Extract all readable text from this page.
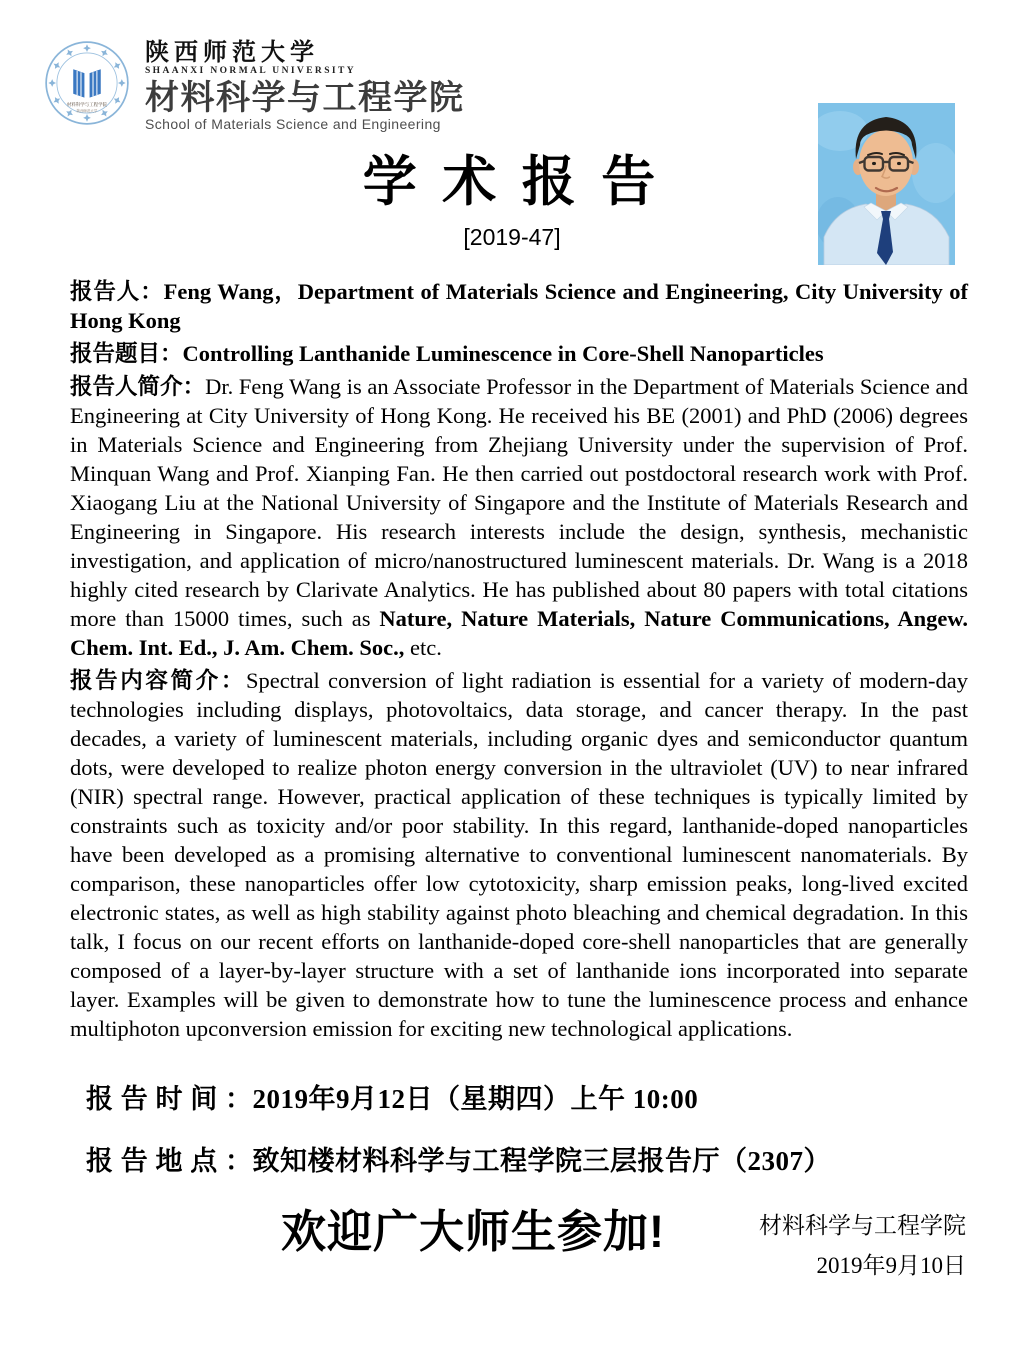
材料科学与工程学院
陕西师范大学
陕西师范大学
SHAANXI NORMAL UNIVERSITY
材料科学与工程学院
School of Materials Science and Engineering
学 术 报 告
[2019-47]

报告人：Feng Wang，Department of Materials Science and Engineering, City University of Hong Kong

报告题目：Controlling Lanthanide Luminescence in Core-Shell Nanoparticles

报告人简介：Dr. Feng Wang is an Associate Professor in the Department of Materials Science and Engineering at City University of Hong Kong. He received his BE (2001) and PhD (2006) degrees in Materials Science and Engineering from Zhejiang University under the supervision of Prof. Minquan Wang and Prof. Xianping Fan. He then carried out postdoctoral research work with Prof. Xiaogang Liu at the National University of Singapore and the Institute of Materials Research and Engineering in Singapore. His research interests include the design, synthesis, mechanistic investigation, and application of micro/nanostructured luminescent materials. Dr. Wang is a 2018 highly cited research by Clarivate Analytics. He has published about 80 papers with total citations more than 15000 times, such as Nature, Nature Materials, Nature Communications, Angew. Chem. Int. Ed., J. Am. Chem. Soc., etc.

报告内容简介：Spectral conversion of light radiation is essential for a variety of modern-day technologies including displays, photovoltaics, data storage, and cancer therapy. In the past decades, a variety of luminescent materials, including organic dyes and semiconductor quantum dots, were developed to realize photon energy conversion in the ultraviolet (UV) to near infrared (NIR) spectral range. However, practical application of these techniques is typically limited by constraints such as toxicity and/or poor stability. In this regard, lanthanide-doped nanoparticles have been developed as a promising alternative to conventional luminescent nanomaterials. By comparison, these nanoparticles offer low cytotoxicity, sharp emission peaks, long-lived excited electronic states, as well as high stability against photo bleaching and chemical degradation. In this talk, I focus on our recent efforts on lanthanide-doped core-shell nanoparticles that are generally composed of a layer-by-layer structure with a set of lanthanide ions incorporated into separate layer. Examples will be given to demonstrate how to tune the luminescence process and enhance multiphoton upconversion emission for exciting new technological applications.

报 告 时 间 ：2019年9月12日（星期四）上午 10:00
报 告 地 点 ：致知楼材料科学与工程学院三层报告厅（2307）
欢迎广大师生参加!	材料科学与工程学院
2019年9月10日
